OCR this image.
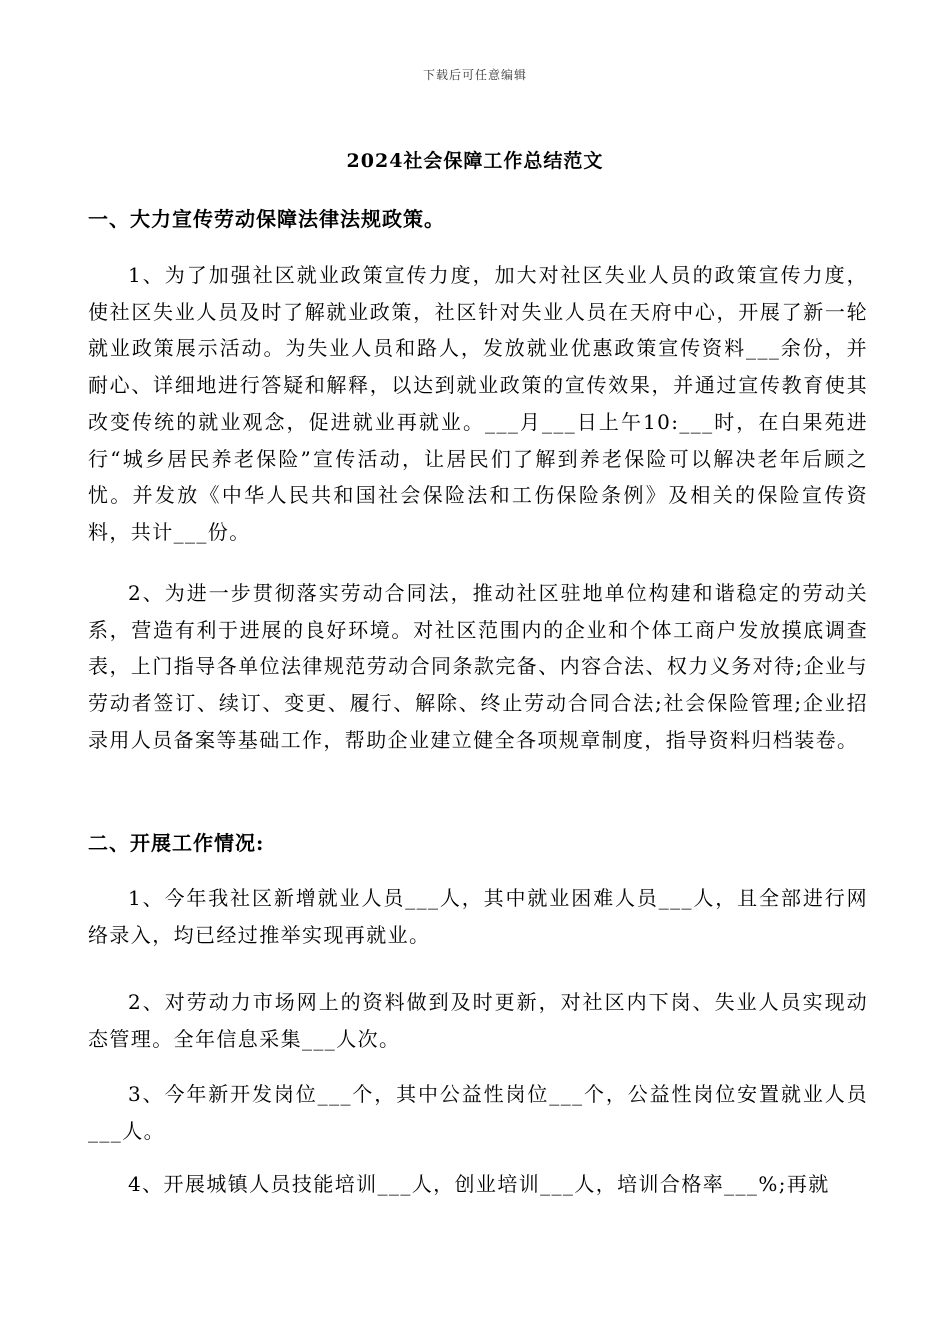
下载后可任意编辑
2024社会保障工作总结范文
一、大力宣传劳动保障法律法规政策。

1、为了加强社区就业政策宣传力度，加大对社区失业人员的政策宣传力度，使社区失业人员及时了解就业政策，社区针对失业人员在天府中心，开展了新一轮就业政策展示活动。为失业人员和路人，发放就业优惠政策宣传资料___余份，并耐心、详细地进行答疑和解释，以达到就业政策的宣传效果，并通过宣传教育使其改变传统的就业观念，促进就业再就业。___月___日上午10:___时，在白果苑进行“城乡居民养老保险”宣传活动，让居民们了解到养老保险可以解决老年后顾之忧。并发放《中华人民共和国社会保险法和工伤保险条例》及相关的保险宣传资料，共计___份。

2、为进一步贯彻落实劳动合同法，推动社区驻地单位构建和谐稳定的劳动关系，营造有利于进展的良好环境。对社区范围内的企业和个体工商户发放摸底调查表，上门指导各单位法律规范劳动合同条款完备、内容合法、权力义务对待;企业与劳动者签订、续订、变更、履行、解除、终止劳动合同合法;社会保险管理;企业招录用人员备案等基础工作，帮助企业建立健全各项规章制度，指导资料归档装卷。

二、开展工作情况:

1、今年我社区新增就业人员___人，其中就业困难人员___人，且全部进行网络录入，均已经过推举实现再就业。

2、对劳动力市场网上的资料做到及时更新，对社区内下岗、失业人员实现动态管理。全年信息采集___人次。

3、今年新开发岗位___个，其中公益性岗位___个，公益性岗位安置就业人员___人。

4、开展城镇人员技能培训___人，创业培训___人，培训合格率___%;再就
